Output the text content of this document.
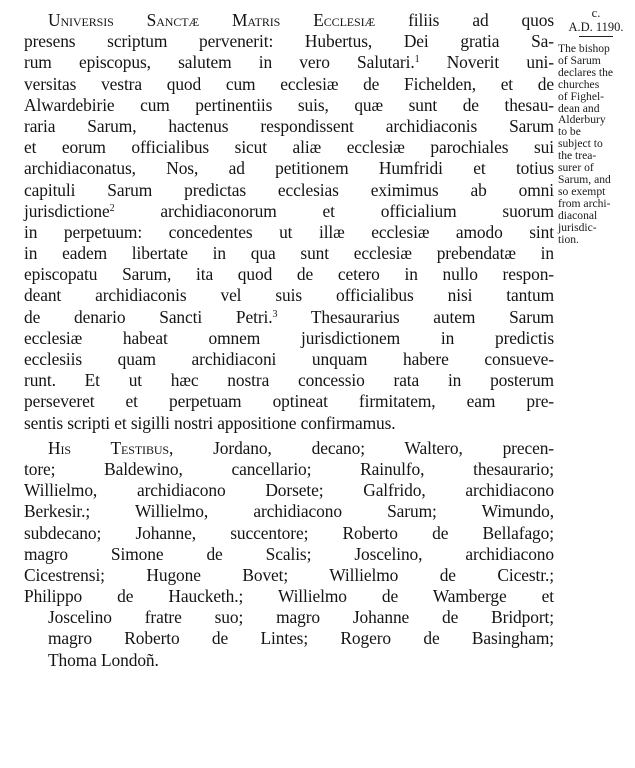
Universis Sanctæ Matris Ecclesiæ filiis ad quos
presens scriptum pervenerit: Hubertus, Dei gratia Sa-
rum episcopus, salutem in vero Salutari.$^1$ Noverit uni-
versitas vestra quod cum ecclesiæ de Fichelden, et de
Alwardebirie cum pertinentiis suis, quæ sunt de thesau-
raria Sarum, hactenus respondissent archidiaconis Sarum
et eorum officialibus sicut aliæ ecclesiæ parochiales sui
archidiaconatus, Nos, ad petitionem Humfridi et totius
capituli Sarum predictas ecclesias eximimus ab omni
jurisdictione$^2$ archidiaconorum et officialium suorum
in perpetuum: concedentes ut illæ ecclesiæ amodo sint
in eadem libertate in qua sunt ecclesiæ prebendatæ in
episcopatu Sarum, ita quod de cetero in nullo respon-
deant archidiaconis vel suis officialibus nisi tantum
de denario Sancti Petri.$^3$ Thesaurarius autem Sarum
ecclesiæ habeat omnem jurisdictionem in predictis
ecclesiis quam archidiaconi unquam habere consueve-
runt. Et ut hæc nostra concessio rata in posterum
perseveret et perpetuam optineat firmitatem, eam pre-
sentis scripti et sigilli nostri appositione confirmamus.
His Testibus, Jordano, decano; Waltero, precen-
tore; Baldewino, cancellario; Rainulfo, thesaurario;
Willielmo, archidiacono Dorsete; Galfrido, archidiacono
Berkesir.; Willielmo, archidiacono Sarum; Wimundo,
subdecano; Johanne, succentore; Roberto de Bellafago;
magro Simone de Scalis; Joscelino, archidiacono
Cicestrensi; Hugone Bovet; Willielmo de Cicestr.;
Philippo de Haucketh.; Willielmo de Wamberge et
Joscelino fratre suo; magro Johanne de Bridport;
magro Roberto de Lintes; Rogero de Basingham;
Thoma Londoñ.
c.
A.D. 1190.
The bishop
of Sarum
declares the
churches
of Fighel-
dean and
Alderbury
to be
subject to
the trea-
surer of
Sarum, and
so exempt
from archi-
diaconal
jurisdic-
tion.
